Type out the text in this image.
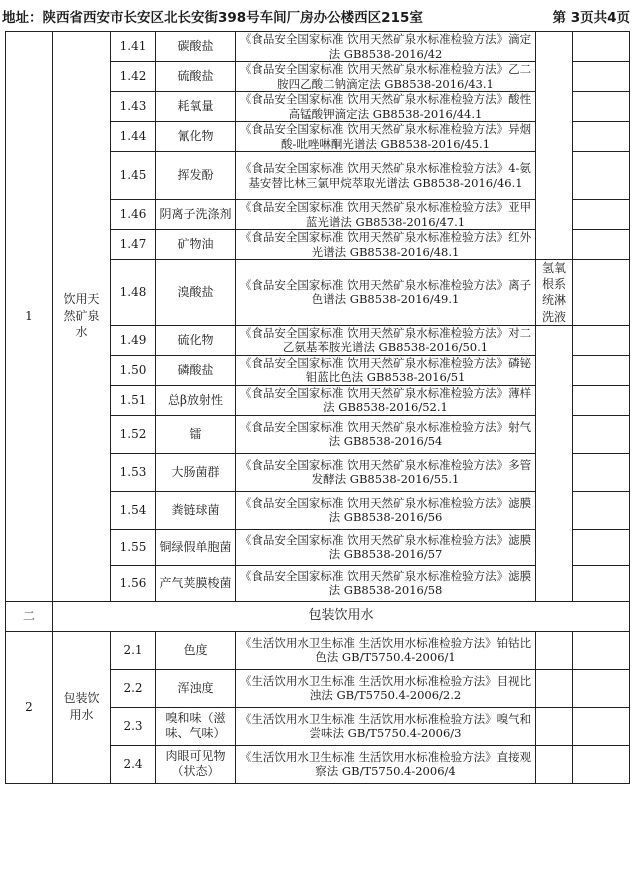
地址：陕西省西安市长安区北长安街398号车间厂房办公楼西区215室	第 3页共4页
1	饮用天然矿泉水	1.41	碳酸盐	《食品安全国家标准 饮用天然矿泉水标准检验方法》滴定法 GB8538-2016/42		
		1.42	硫酸盐	《食品安全国家标准 饮用天然矿泉水标准检验方法》乙二胺四乙酸二钠滴定法 GB8538-2016/43.1		
		1.43	耗氧量	《食品安全国家标准 饮用天然矿泉水标准检验方法》酸性高锰酸钾滴定法 GB8538-2016/44.1		
		1.44	氰化物	《食品安全国家标准 饮用天然矿泉水标准检验方法》异烟酸-吡唑啉酮光谱法 GB8538-2016/45.1		
		1.45	挥发酚	《食品安全国家标准 饮用天然矿泉水标准检验方法》4-氨基安替比林三氯甲烷萃取光谱法 GB8538-2016/46.1		
		1.46	阴离子洗涤剂	《食品安全国家标准 饮用天然矿泉水标准检验方法》亚甲蓝光谱法 GB8538-2016/47.1		
		1.47	矿物油	《食品安全国家标准 饮用天然矿泉水标准检验方法》红外光谱法 GB8538-2016/48.1		
		1.48	溴酸盐	《食品安全国家标准 饮用天然矿泉水标准检验方法》离子色谱法 GB8538-2016/49.1	氢氧根系统淋洗液	
		1.49	硫化物	《食品安全国家标准 饮用天然矿泉水标准检验方法》对二乙氨基苯胺光谱法 GB8538-2016/50.1		
		1.50	磷酸盐	《食品安全国家标准 饮用天然矿泉水标准检验方法》磷铋钼蓝比色法 GB8538-2016/51		
		1.51	总β放射性	《食品安全国家标准 饮用天然矿泉水标准检验方法》薄样法 GB8538-2016/52.1		
		1.52	镭	《食品安全国家标准 饮用天然矿泉水标准检验方法》射气法 GB8538-2016/54		
		1.53	大肠菌群	《食品安全国家标准 饮用天然矿泉水标准检验方法》多管发酵法 GB8538-2016/55.1		
		1.54	粪链球菌	《食品安全国家标准 饮用天然矿泉水标准检验方法》滤膜法 GB8538-2016/56		
		1.55	铜绿假单胞菌	《食品安全国家标准 饮用天然矿泉水标准检验方法》滤膜法 GB8538-2016/57		
		1.56	产气荚膜梭菌	《食品安全国家标准 饮用天然矿泉水标准检验方法》滤膜法 GB8538-2016/58		
二	包装饮用水					
2	包装饮用水	2.1	色度	《生活饮用水卫生标准 生活饮用水标准检验方法》铂钴比色法 GB/T5750.4-2006/1		
		2.2	浑浊度	《生活饮用水卫生标准 生活饮用水标准检验方法》目视比浊法 GB/T5750.4-2006/2.2		
		2.3	嗅和味（滋味、气味）	《生活饮用水卫生标准 生活饮用水标准检验方法》嗅气和尝味法 GB/T5750.4-2006/3		
		2.4	肉眼可见物（状态）	《生活饮用水卫生标准 生活饮用水标准检验方法》直接观察法 GB/T5750.4-2006/4		
